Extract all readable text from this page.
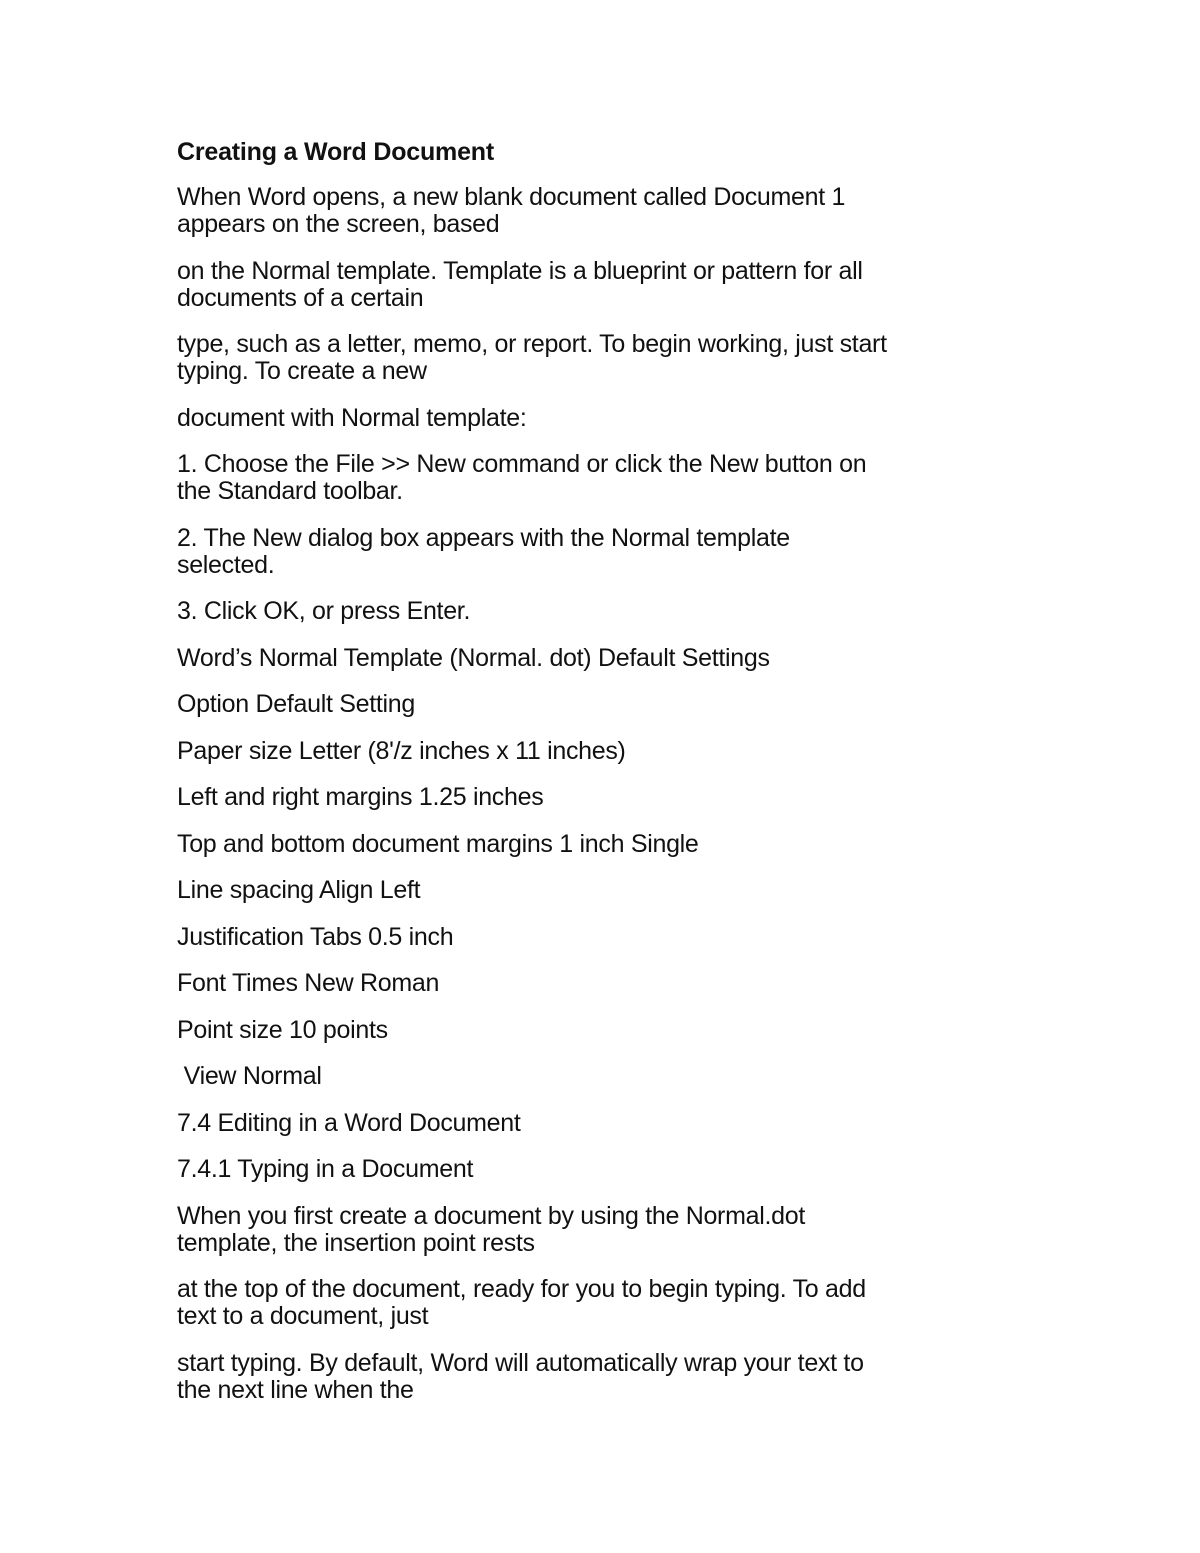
Creating a Word Document

When Word opens, a new blank document called Document 1
appears on the screen, based

on the Normal template. Template is a blueprint or pattern for all
documents of a certain

type, such as a letter, memo, or report. To begin working, just start
typing. To create a new

document with Normal template:

1. Choose the File >> New command or click the New button on
the Standard toolbar.

2. The New dialog box appears with the Normal template
selected.

3. Click OK, or press Enter.

Word’s Normal Template (Normal. dot) Default Settings

Option Default Setting

Paper size Letter (8'/z inches x 11 inches)

Left and right margins 1.25 inches

Top and bottom document margins 1 inch Single

Line spacing Align Left

Justification Tabs 0.5 inch

Font Times New Roman

Point size 10 points

View Normal

7.4 Editing in a Word Document

7.4.1 Typing in a Document

When you first create a document by using the Normal.dot
template, the insertion point rests

at the top of the document, ready for you to begin typing. To add
text to a document, just

start typing. By default, Word will automatically wrap your text to
the next line when the
